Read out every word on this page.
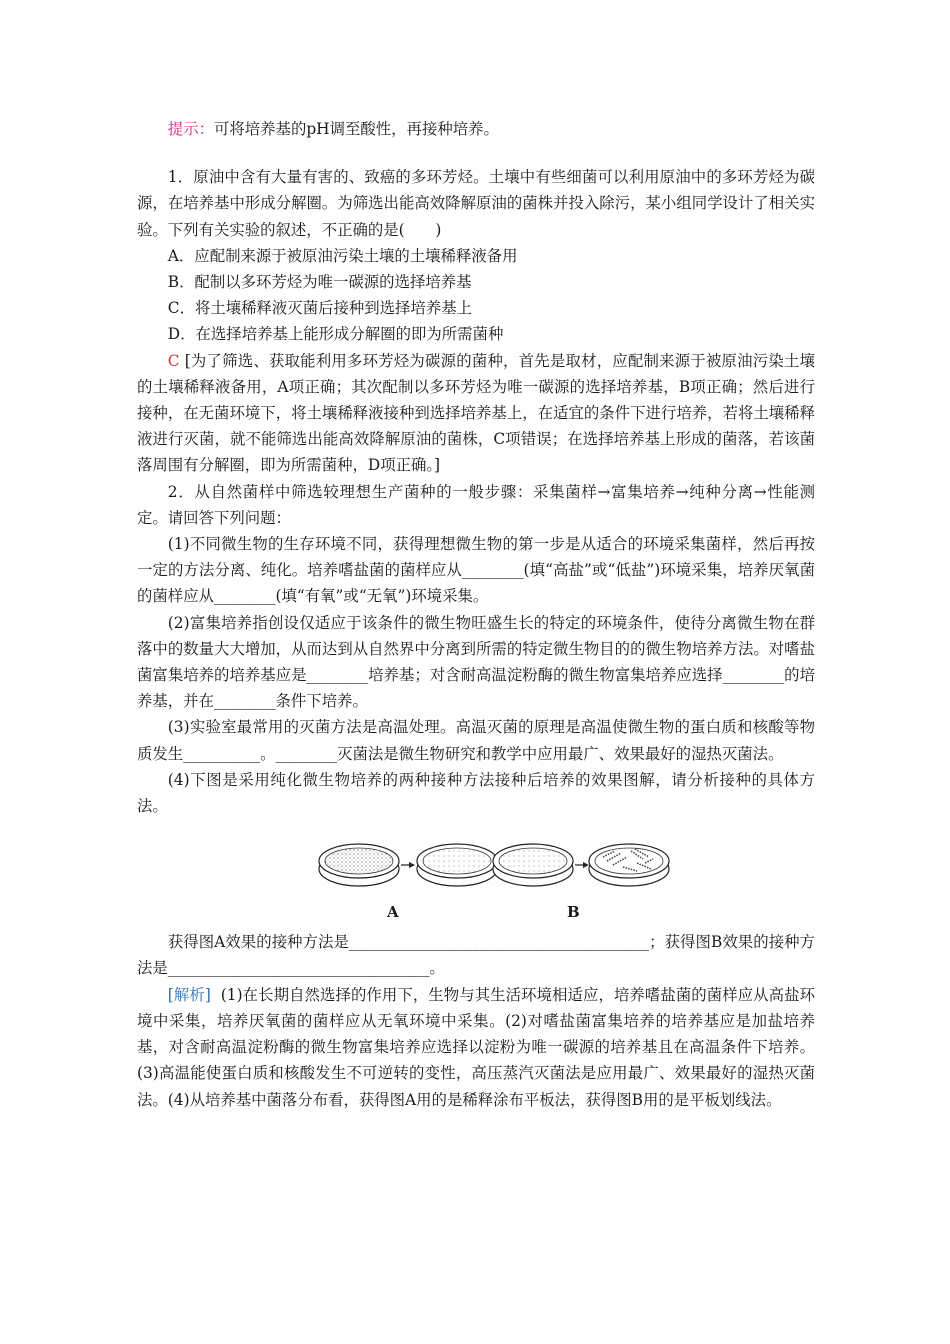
提示：可将培养基的pH调至酸性，再接种培养。

1．原油中含有大量有害的、致癌的多环芳烃。土壤中有些细菌可以利用原油中的多环芳烃为碳源，在培养基中形成分解圈。为筛选出能高效降解原油的菌株并投入除污，某小组同学设计了相关实验。下列有关实验的叙述，不正确的是(　　)

A．应配制来源于被原油污染土壤的土壤稀释液备用

B．配制以多环芳烃为唯一碳源的选择培养基

C．将土壤稀释液灭菌后接种到选择培养基上

D．在选择培养基上能形成分解圈的即为所需菌种

C [为了筛选、获取能利用多环芳烃为碳源的菌种，首先是取材，应配制来源于被原油污染土壤的土壤稀释液备用，A项正确；其次配制以多环芳烃为唯一碳源的选择培养基，B项正确；然后进行接种，在无菌环境下，将土壤稀释液接种到选择培养基上，在适宜的条件下进行培养，若将土壤稀释液进行灭菌，就不能筛选出能高效降解原油的菌株，C项错误；在选择培养基上形成的菌落，若该菌落周围有分解圈，即为所需菌种，D项正确。]

2．从自然菌样中筛选较理想生产菌种的一般步骤：采集菌样→富集培养→纯种分离→性能测定。请回答下列问题：

(1)不同微生物的生存环境不同，获得理想微生物的第一步是从适合的环境采集菌样，然后再按一定的方法分离、纯化。培养嗜盐菌的菌样应从________(填“高盐”或“低盐”)环境采集，培养厌氧菌的菌样应从________(填“有氧”或“无氧”)环境采集。

(2)富集培养指创设仅适应于该条件的微生物旺盛生长的特定的环境条件，使待分离微生物在群落中的数量大大增加，从而达到从自然界中分离到所需的特定微生物目的的微生物培养方法。对嗜盐菌富集培养的培养基应是________培养基；对含耐高温淀粉酶的微生物富集培养应选择________的培养基，并在________条件下培养。

(3)实验室最常用的灭菌方法是高温处理。高温灭菌的原理是高温使微生物的蛋白质和核酸等物质发生__________。________灭菌法是微生物研究和教学中应用最广、效果最好的湿热灭菌法。

(4)下图是采用纯化微生物培养的两种接种方法接种后培养的效果图解，请分析接种的具体方法。

A	B

获得图A效果的接种方法是_______________________________________；获得图B效果的接种方法是__________________________________。

[解析] (1)在长期自然选择的作用下，生物与其生活环境相适应，培养嗜盐菌的菌样应从高盐环境中采集，培养厌氧菌的菌样应从无氧环境中采集。(2)对嗜盐菌富集培养的培养基应是加盐培养基，对含耐高温淀粉酶的微生物富集培养应选择以淀粉为唯一碳源的培养基且在高温条件下培养。(3)高温能使蛋白质和核酸发生不可逆转的变性，高压蒸汽灭菌法是应用最广、效果最好的湿热灭菌法。(4)从培养基中菌落分布看，获得图A用的是稀释涂布平板法，获得图B用的是平板划线法。
